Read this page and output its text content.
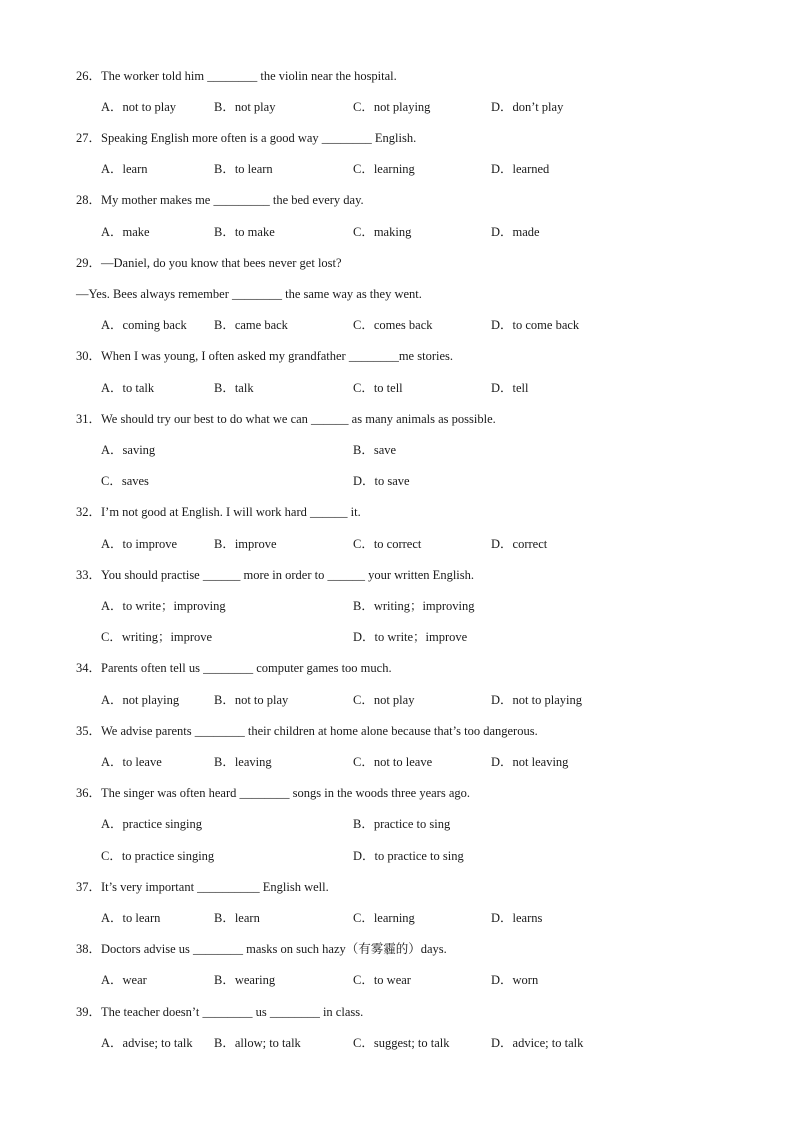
26．The worker told him ________ the violin near the hospital.
A．not to play	B．not play	C．not playing	D．don’t play
27．Speaking English more often is a good way ________ English.
A．learn	B．to learn	C．learning	D．learned
28．My mother makes me _________ the bed every day.
A．make	B．to make	C．making	D．made
29．—Daniel, do you know that bees never get lost?
—Yes. Bees always remember ________ the same way as they went.
A．coming back B．came back	C．comes back	D．to come back
30．When I was young, I often asked my grandfather ________me stories.
A．to talk	B．talk	C．to tell	D．tell
31．We should try our best to do what we can ______ as many animals as possible.
A．saving	B．save
C．saves	D．to save
32．I’m not good at English. I will work hard ______ it.
A．to improve	B．improve	C．to correct	D．correct
33．You should practise ______ more in order to ______ your written English.
A．to write；improving	B．writing；improving
C．writing；improve	D．to write；improve
34．Parents often tell us ________ computer games too much.
A．not playing	B．not to play	C．not play	D．not to playing
35．We advise parents ________ their children at home alone because that’s too dangerous.
A．to leave	B．leaving	C．not to leave	D．not leaving
36．The singer was often heard ________ songs in the woods three years ago.
A．practice singing	B．practice to sing
C．to practice singing	D．to practice to sing
37．It’s very important __________ English well.
A．to learn	B．learn	C．learning	D．learns
38．Doctors advise us ________ masks on such hazy（有雾霾的）days.
A．wear	B．wearing	C．to wear	D．worn
39．The teacher doesn’t ________ us ________ in class.
A．advise; to talk B．allow; to talk	C．suggest; to talk	D．advice; to talk
